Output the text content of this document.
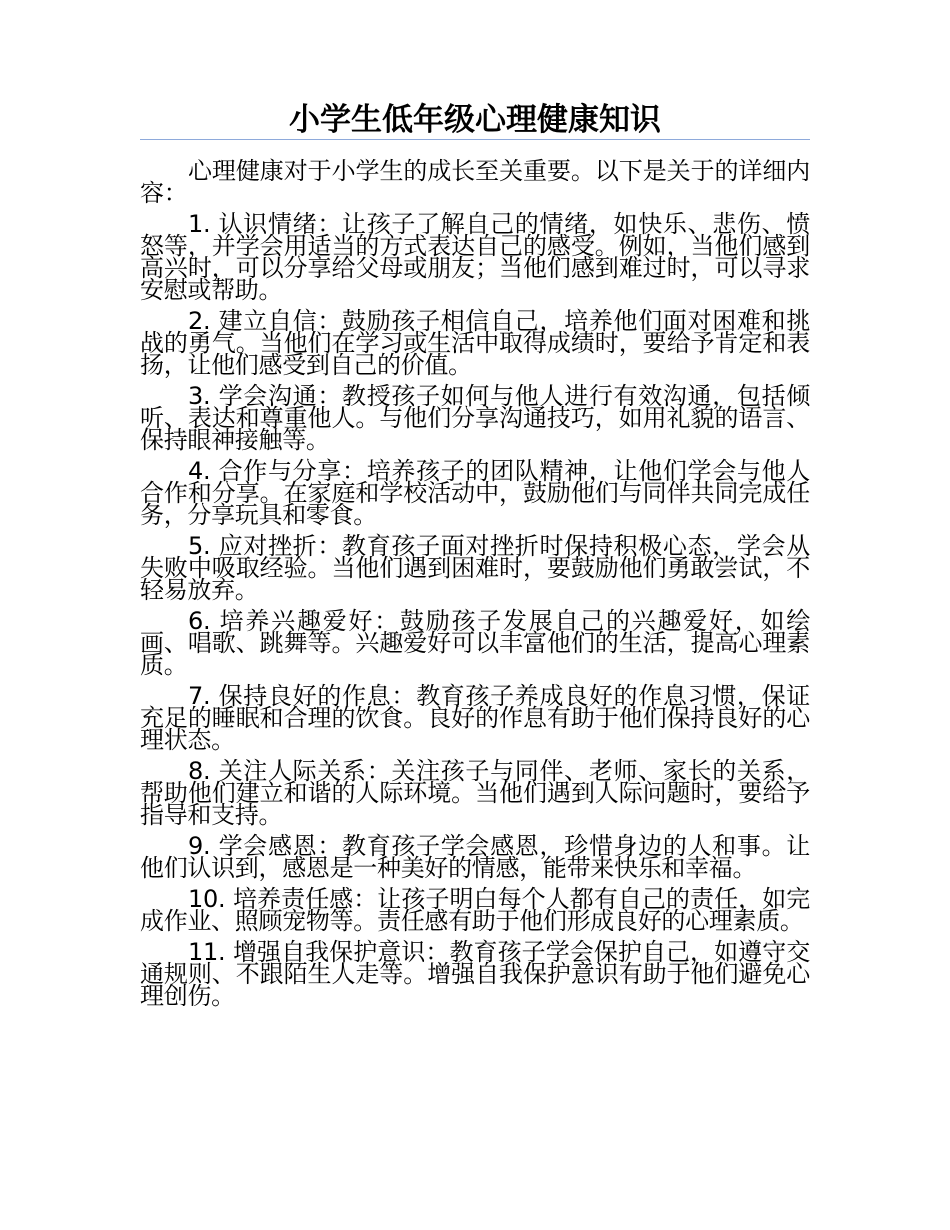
小学生低年级心理健康知识

心理健康对于小学生的成长至关重要。以下是关于的详细内容：

1. 认识情绪：让孩子了解自己的情绪，如快乐、悲伤、愤怒等，并学会用适当的方式表达自己的感受。例如，当他们感到高兴时，可以分享给父母或朋友；当他们感到难过时，可以寻求安慰或帮助。

2. 建立自信：鼓励孩子相信自己，培养他们面对困难和挑战的勇气。当他们在学习或生活中取得成绩时，要给予肯定和表扬，让他们感受到自己的价值。

3. 学会沟通：教授孩子如何与他人进行有效沟通，包括倾听、表达和尊重他人。与他们分享沟通技巧，如用礼貌的语言、保持眼神接触等。

4. 合作与分享：培养孩子的团队精神，让他们学会与他人合作和分享。在家庭和学校活动中，鼓励他们与同伴共同完成任务，分享玩具和零食。

5. 应对挫折：教育孩子面对挫折时保持积极心态，学会从失败中吸取经验。当他们遇到困难时，要鼓励他们勇敢尝试，不轻易放弃。

6. 培养兴趣爱好：鼓励孩子发展自己的兴趣爱好，如绘画、唱歌、跳舞等。兴趣爱好可以丰富他们的生活，提高心理素质。

7. 保持良好的作息：教育孩子养成良好的作息习惯，保证充足的睡眠和合理的饮食。良好的作息有助于他们保持良好的心理状态。

8. 关注人际关系：关注孩子与同伴、老师、家长的关系，帮助他们建立和谐的人际环境。当他们遇到人际问题时，要给予指导和支持。

9. 学会感恩：教育孩子学会感恩，珍惜身边的人和事。让他们认识到，感恩是一种美好的情感，能带来快乐和幸福。

10. 培养责任感：让孩子明白每个人都有自己的责任，如完成作业、照顾宠物等。责任感有助于他们形成良好的心理素质。

11. 增强自我保护意识：教育孩子学会保护自己，如遵守交通规则、不跟陌生人走等。增强自我保护意识有助于他们避免心理创伤。
